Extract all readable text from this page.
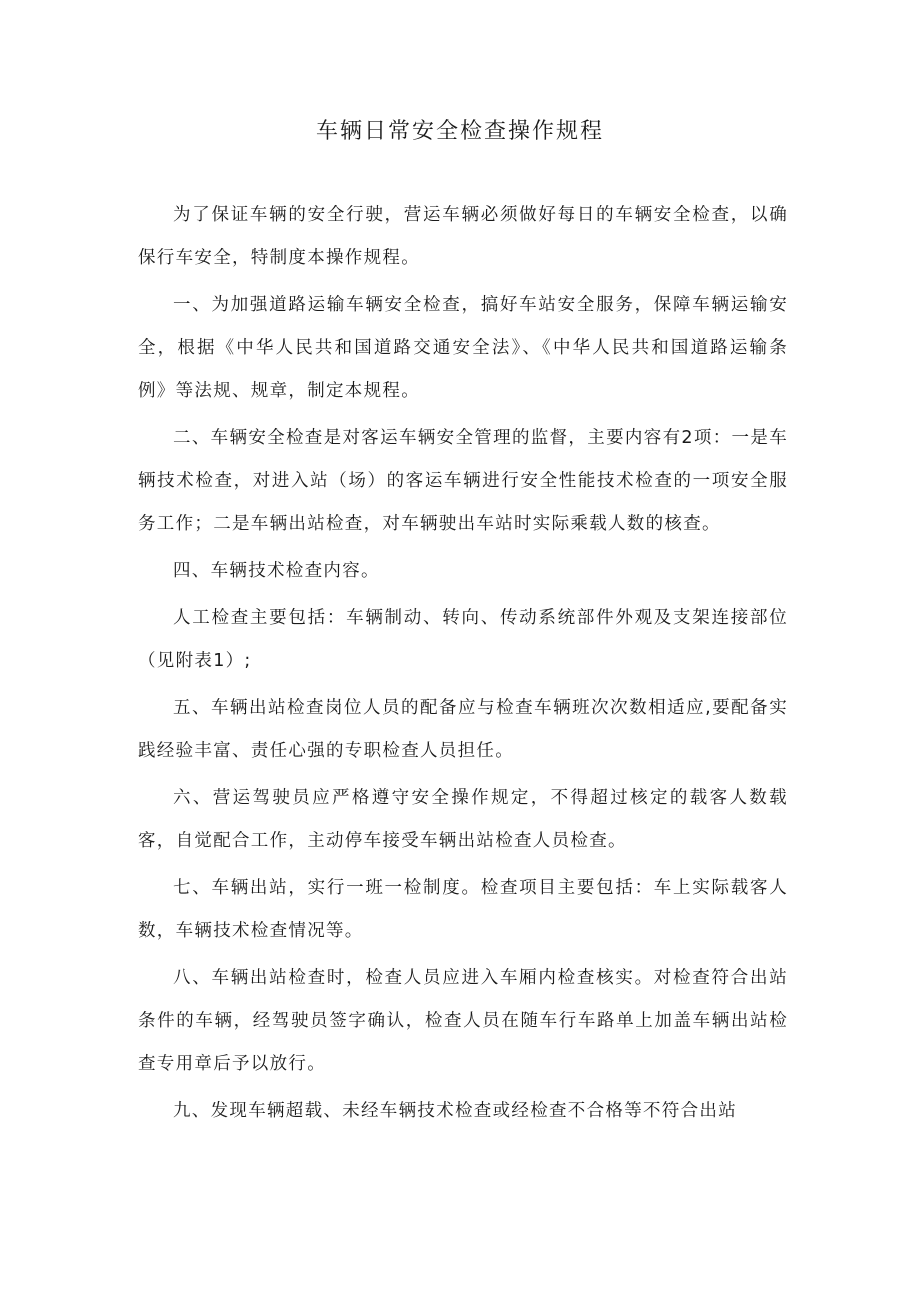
车辆日常安全检查操作规程

为了保证车辆的安全行驶，营运车辆必须做好每日的车辆安全检查，以确保行车安全，特制度本操作规程。

一、为加强道路运输车辆安全检查，搞好车站安全服务，保障车辆运输安全，根据《中华人民共和国道路交通安全法》、《中华人民共和国道路运输条例》等法规、规章，制定本规程。

二、车辆安全检查是对客运车辆安全管理的监督，主要内容有2项：一是车辆技术检查，对进入站（场）的客运车辆进行安全性能技术检查的一项安全服务工作；二是车辆出站检查，对车辆驶出车站时实际乘载人数的核查。

四、车辆技术检查内容。

人工检查主要包括：车辆制动、转向、传动系统部件外观及支架连接部位（见附表1）;

五、车辆出站检查岗位人员的配备应与检查车辆班次次数相适应,要配备实践经验丰富、责任心强的专职检查人员担任。

六、营运驾驶员应严格遵守安全操作规定，不得超过核定的载客人数载客，自觉配合工作，主动停车接受车辆出站检查人员检查。

七、车辆出站，实行一班一检制度。检查项目主要包括：车上实际载客人数，车辆技术检查情况等。

八、车辆出站检查时，检查人员应进入车厢内检查核实。对检查符合出站条件的车辆，经驾驶员签字确认，检查人员在随车行车路单上加盖车辆出站检查专用章后予以放行。

九、发现车辆超载、未经车辆技术检查或经检查不合格等不符合出站
